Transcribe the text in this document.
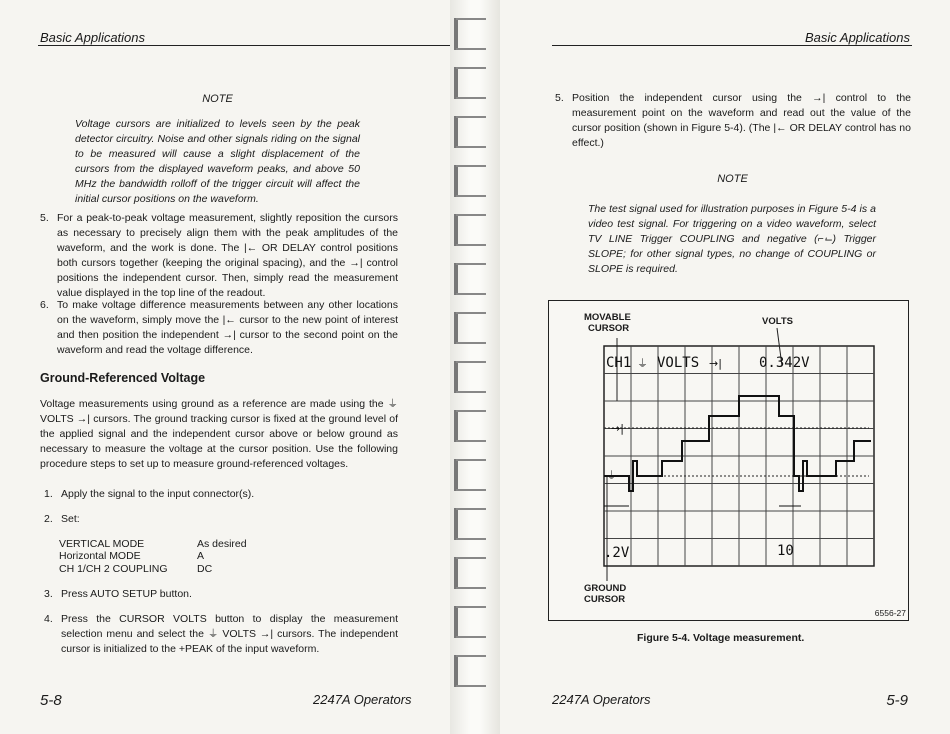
Basic Applications
NOTE
Voltage cursors are initialized to levels seen by the peak detector circuitry. Noise and other signals riding on the signal to be measured will cause a slight displacement of the cursors from the displayed waveform peaks, and above 50 MHz the bandwidth rolloff of the trigger circuit will affect the initial cursor positions on the waveform.
5. For a peak-to-peak voltage measurement, slightly reposition the cursors as necessary to precisely align them with the peak amplitudes of the waveform, and the work is done. The |← OR DELAY control positions both cursors together (keeping the original spacing), and the →| control positions the independent cursor. Then, simply read the measurement value displayed in the top line of the readout.
6. To make voltage difference measurements between any other locations on the waveform, simply move the |← cursor to the new point of interest and then position the independent →| cursor to the second point on the waveform and read the voltage difference.
Ground-Referenced Voltage
Voltage measurements using ground as a reference are made using the ⏚ VOLTS →| cursors. The ground tracking cursor is fixed at the ground level of the applied signal and the independent cursor above or below ground as necessary to measure the voltage at the cursor position. Use the following procedure steps to set up to measure ground-referenced voltages.
1. Apply the signal to the input connector(s).
2. Set:
VERTICAL MODE	As desired
Horizontal MODE	A
CH 1/CH 2 COUPLING	DC
3. Press AUTO SETUP button.
4. Press the CURSOR VOLTS button to display the measurement selection menu and select the ⏚ VOLTS →| cursors. The independent cursor is initialized to the +PEAK of the input waveform.
5-8	2247A Operators
Basic Applications
5. Position the independent cursor using the →| control to the measurement point on the waveform and read out the value of the cursor position (shown in Figure 5-4). (The |← OR DELAY control has no effect.)
NOTE
The test signal used for illustration purposes in Figure 5-4 is a video test signal. For triggering on a video waveform, select TV LINE Trigger COUPLING and negative (⌐⌙) Trigger SLOPE; for other signal types, no change of COUPLING or SLOPE is required.
Figure 5-4. Voltage measurement.
2247A Operators	5-9
MOVABLE
CURSOR
VOLTS
GROUND
CURSOR
6556-27
→|
⏚
CH1 ⏚ VOLTS →|	0.342V
.2V	10
